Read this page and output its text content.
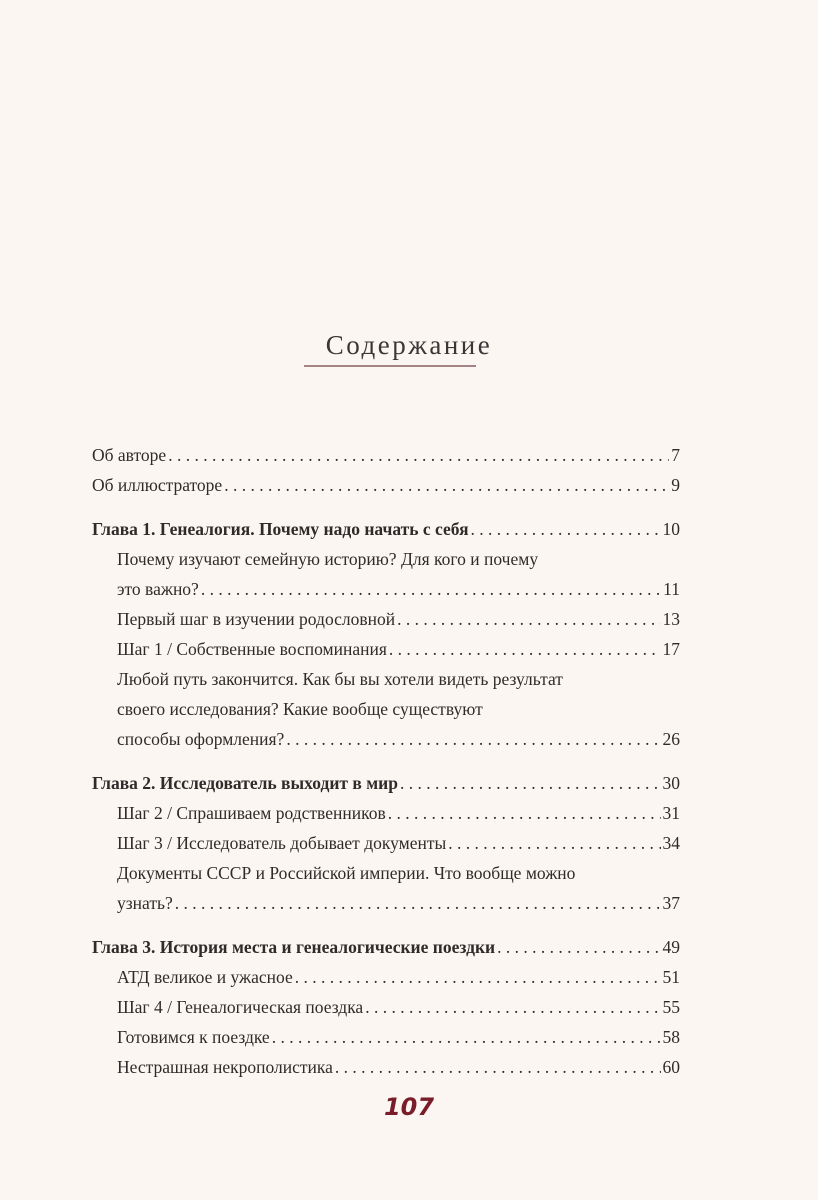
Содержание
Об авторе . . .	7
Об иллюстраторе . . .	9
Глава 1. Генеалогия. Почему надо начать с себя . . .	10
Почему изучают семейную историю? Для кого и почему
это важно? . . .	11
Первый шаг в изучении родословной . . .	13
Шаг 1 / Собственные воспоминания . . .	17
Любой путь закончится. Как бы вы хотели видеть результат
своего исследования? Какие вообще существуют
способы оформления? . . .	26
Глава 2. Исследователь выходит в мир . . .	30
Шаг 2 / Спрашиваем родственников . . .	31
Шаг 3 / Исследователь добывает документы . . .	34
Документы СССР и Российской империи. Что вообще можно
узнать? . . .	37
Глава 3. История места и генеалогические поездки . . .	49
АТД великое и ужасное . . .	51
Шаг 4 / Генеалогическая поездка . . .	55
Готовимся к поездке . . .	58
Нестрашная некрополистика . . .	60
107
